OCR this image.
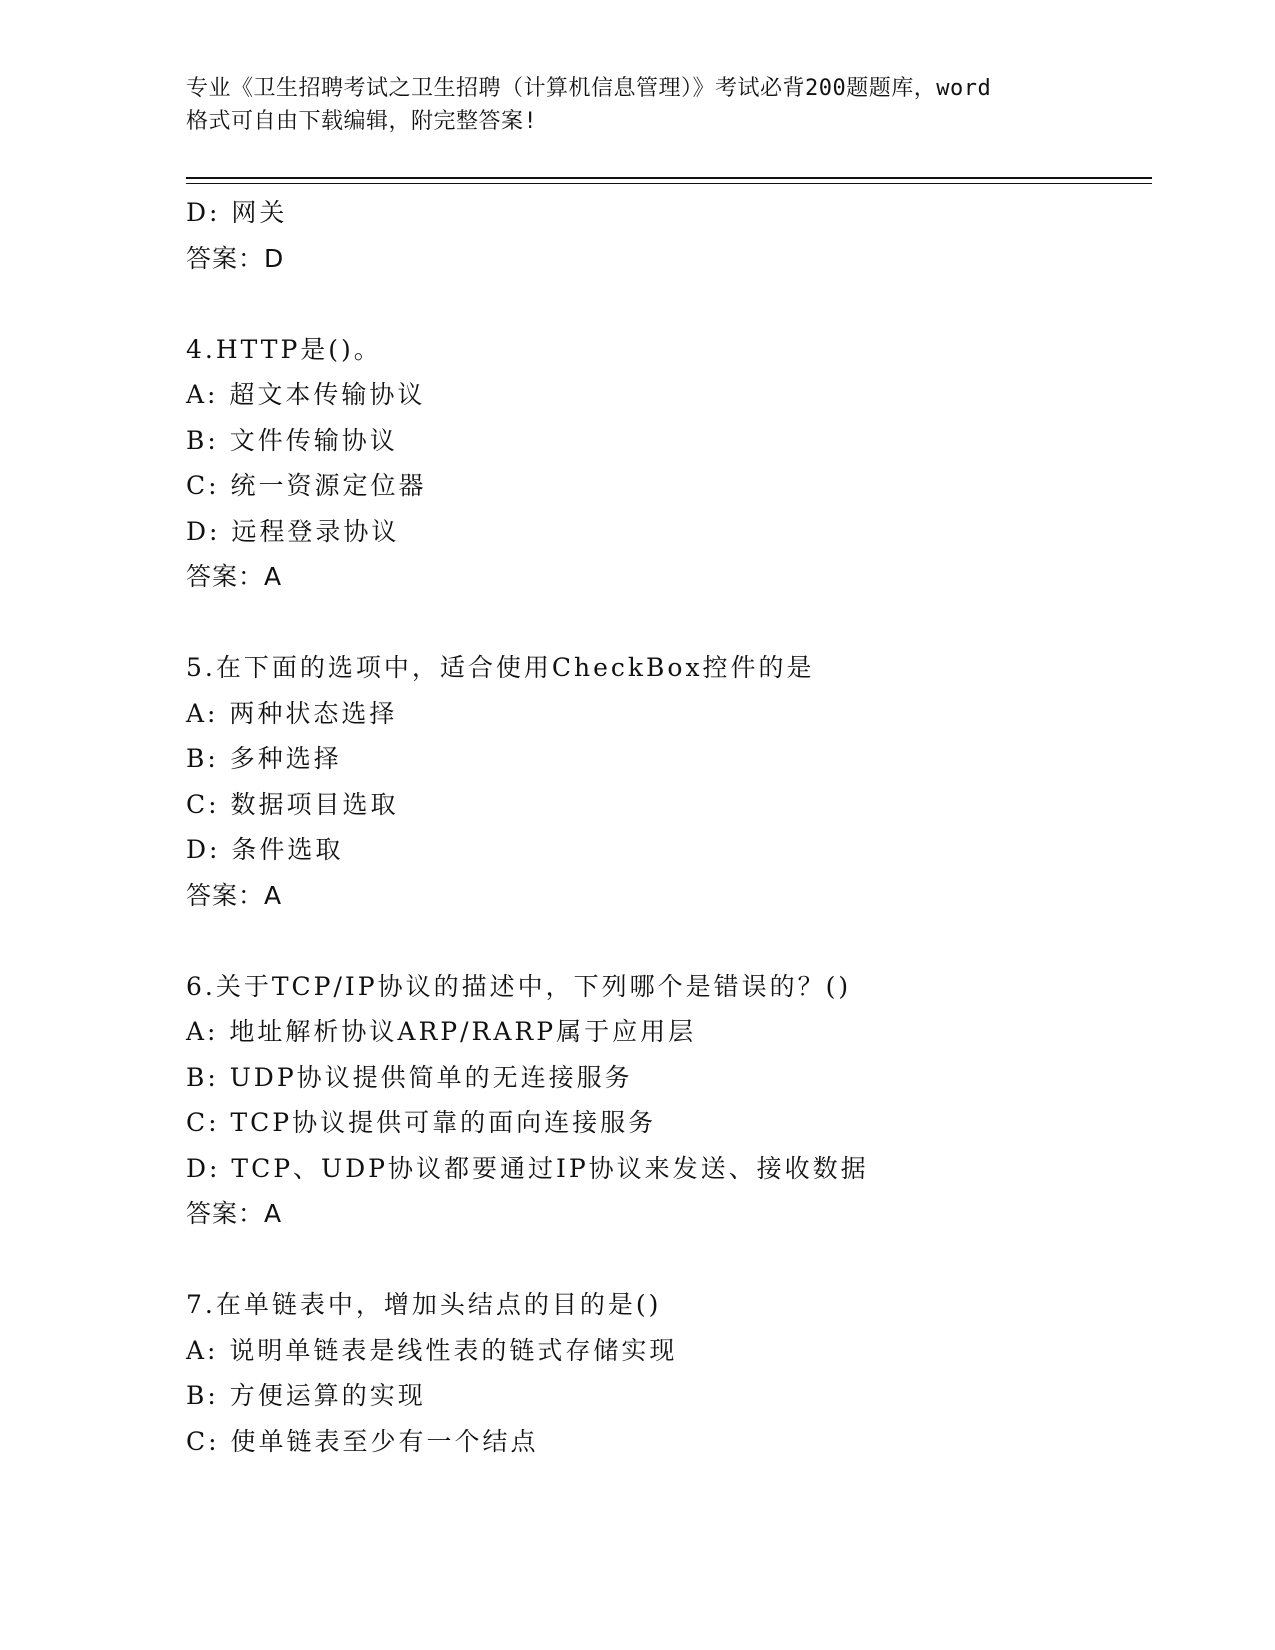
专业《卫生招聘考试之卫生招聘（计算机信息管理）》考试必背200题题库，word
格式可自由下载编辑，附完整答案!
D: 网关
答案：D
4.HTTP是()。
A: 超文本传输协议
B: 文件传输协议
C: 统一资源定位器
D: 远程登录协议
答案：A
5.在下面的选项中，适合使用CheckBox控件的是
A: 两种状态选择
B: 多种选择
C: 数据项目选取
D: 条件选取
答案：A
6.关于TCP/IP协议的描述中，下列哪个是错误的？()
A: 地址解析协议ARP/RARP属于应用层
B: UDP协议提供简单的无连接服务
C: TCP协议提供可靠的面向连接服务
D: TCP、UDP协议都要通过IP协议来发送、接收数据
答案：A
7.在单链表中，增加头结点的目的是()
A: 说明单链表是线性表的链式存储实现
B: 方便运算的实现
C: 使单链表至少有一个结点
